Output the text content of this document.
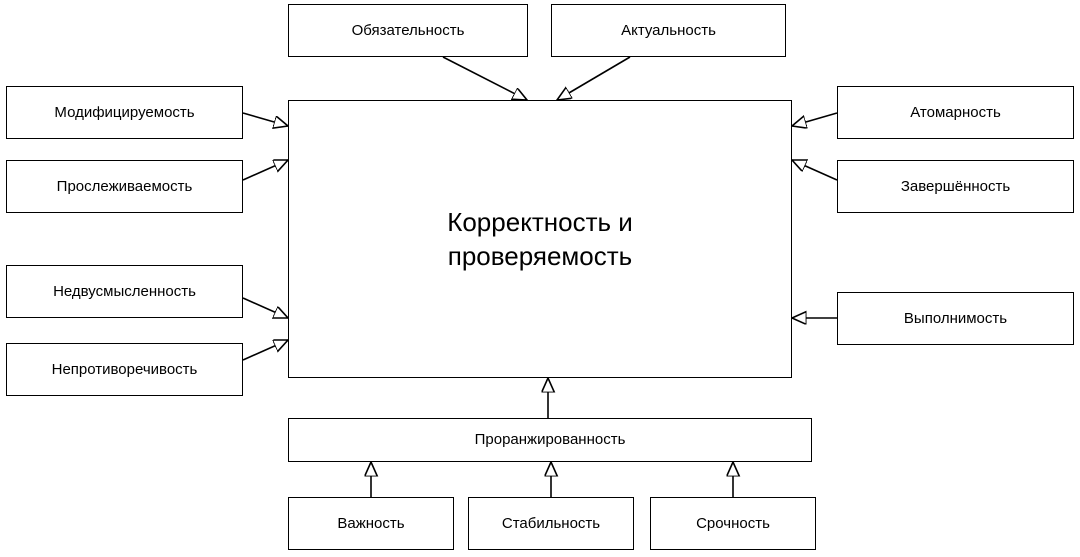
Корректность и
проверяемость
Обязательность	Актуальность
Модифицируемость
Прослеживаемость
Недвусмысленность
Непротиворечивость
Атомарность
Завершённость
Выполнимость
Проранжированность
Важность	Стабильность	Срочность
